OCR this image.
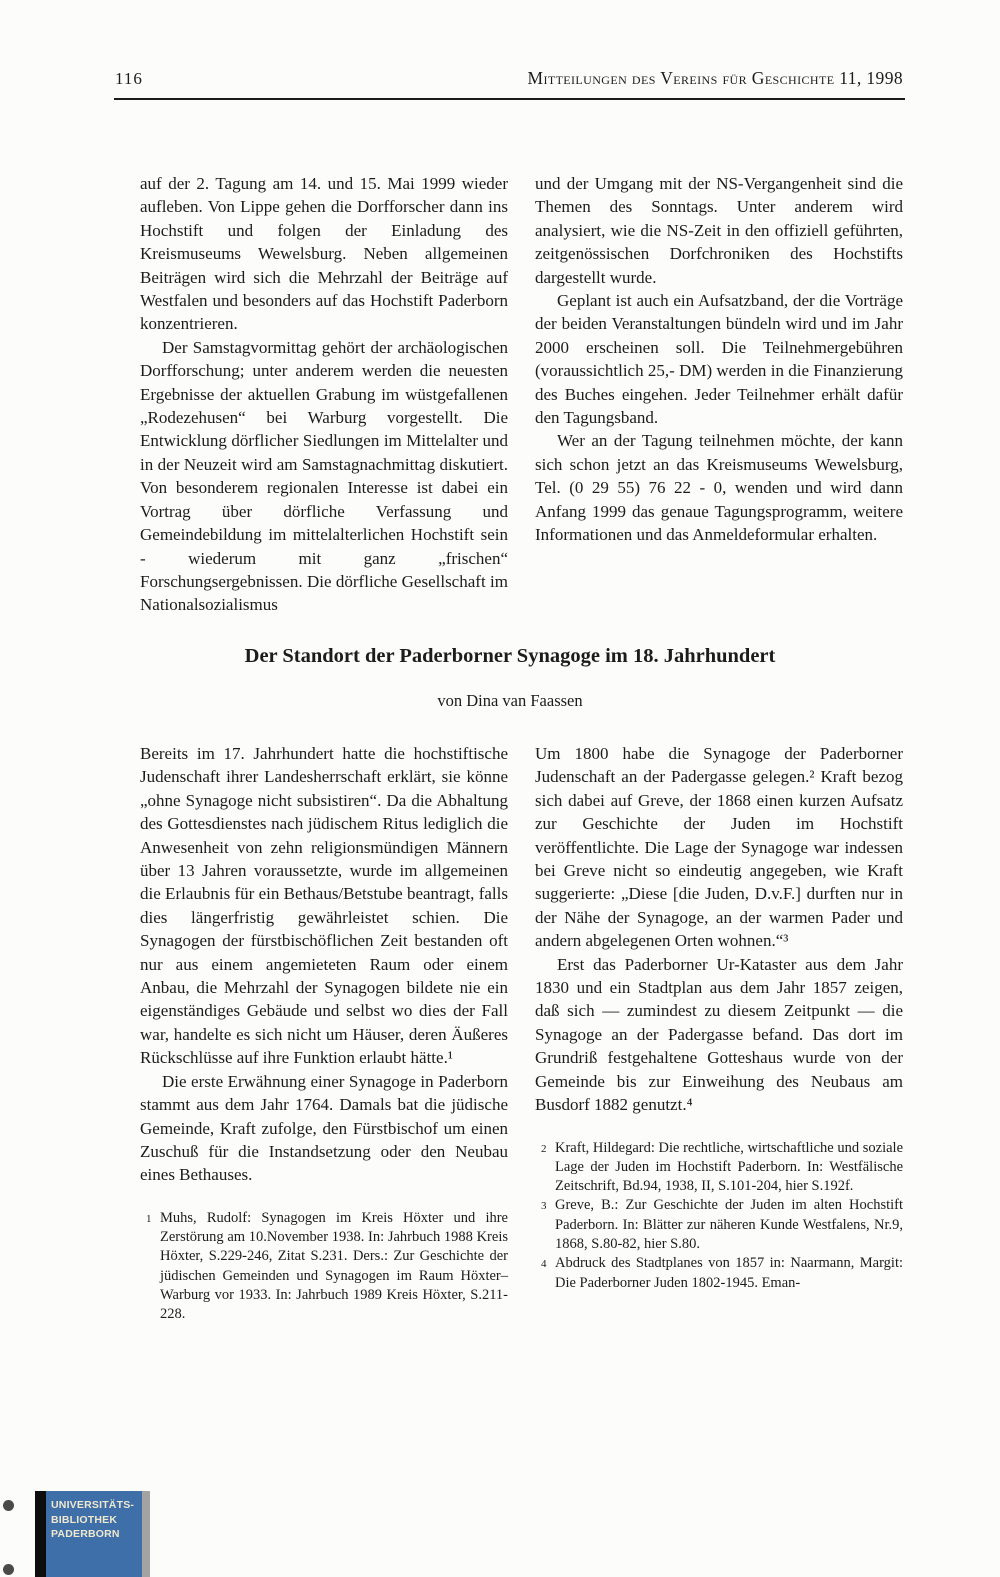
116	Mitteilungen des Vereins für Geschichte 11, 1998

auf der 2. Tagung am 14. und 15. Mai 1999 wieder aufleben. Von Lippe gehen die Dorfforscher dann ins Hochstift und folgen der Einladung des Kreismuseums Wewelsburg. Neben allgemeinen Beiträgen wird sich die Mehrzahl der Beiträge auf Westfalen und besonders auf das Hochstift Paderborn konzentrieren.

Der Samstagvormittag gehört der archäologischen Dorfforschung; unter anderem werden die neuesten Ergebnisse der aktuellen Grabung im wüstgefallenen „Rodezehusen“ bei Warburg vorgestellt. Die Entwicklung dörflicher Siedlungen im Mittelalter und in der Neuzeit wird am Samstagnachmittag diskutiert. Von besonderem regionalen Interesse ist dabei ein Vortrag über dörfliche Verfassung und Gemeindebildung im mittelalterlichen Hochstift sein - wiederum mit ganz „frischen“ Forschungsergebnissen. Die dörfliche Gesellschaft im Nationalsozialismus

und der Umgang mit der NS-Vergangenheit sind die Themen des Sonntags. Unter anderem wird analysiert, wie die NS-Zeit in den offiziell geführten, zeitgenössischen Dorfchroniken des Hochstifts dargestellt wurde.

Geplant ist auch ein Aufsatzband, der die Vorträge der beiden Veranstaltungen bündeln wird und im Jahr 2000 erscheinen soll. Die Teilnehmergebühren (voraussichtlich 25,- DM) werden in die Finanzierung des Buches eingehen. Jeder Teilnehmer erhält dafür den Tagungsband.

Wer an der Tagung teilnehmen möchte, der kann sich schon jetzt an das Kreismuseums Wewelsburg, Tel. (0 29 55) 76 22 - 0, wenden und wird dann Anfang 1999 das genaue Tagungsprogramm, weitere Informationen und das Anmeldeformular erhalten.

Der Standort der Paderborner Synagoge im 18. Jahrhundert
von Dina van Faassen

Bereits im 17. Jahrhundert hatte die hochstiftische Judenschaft ihrer Landesherrschaft erklärt, sie könne „ohne Synagoge nicht subsistiren“. Da die Abhaltung des Gottesdienstes nach jüdischem Ritus lediglich die Anwesenheit von zehn religionsmündigen Männern über 13 Jahren voraussetzte, wurde im allgemeinen die Erlaubnis für ein Bethaus/Betstube beantragt, falls dies längerfristig gewährleistet schien. Die Synagogen der fürstbischöflichen Zeit bestanden oft nur aus einem angemieteten Raum oder einem Anbau, die Mehrzahl der Synagogen bildete nie ein eigenständiges Gebäude und selbst wo dies der Fall war, handelte es sich nicht um Häuser, deren Äußeres Rückschlüsse auf ihre Funktion erlaubt hätte.¹

Die erste Erwähnung einer Synagoge in Paderborn stammt aus dem Jahr 1764. Damals bat die jüdische Gemeinde, Kraft zufolge, den Fürstbischof um einen Zuschuß für die Instandsetzung oder den Neubau eines Bethauses.

1 Muhs, Rudolf: Synagogen im Kreis Höxter und ihre Zerstörung am 10.November 1938. In: Jahrbuch 1988 Kreis Höxter, S.229-246, Zitat S.231. Ders.: Zur Geschichte der jüdischen Gemeinden und Synagogen im Raum Höxter–Warburg vor 1933. In: Jahrbuch 1989 Kreis Höxter, S.211-228.

Um 1800 habe die Synagoge der Paderborner Judenschaft an der Padergasse gelegen.² Kraft bezog sich dabei auf Greve, der 1868 einen kurzen Aufsatz zur Geschichte der Juden im Hochstift veröffentlichte. Die Lage der Synagoge war indessen bei Greve nicht so eindeutig angegeben, wie Kraft suggerierte: „Diese [die Juden, D.v.F.] durften nur in der Nähe der Synagoge, an der warmen Pader und andern abgelegenen Orten wohnen.“³

Erst das Paderborner Ur-Kataster aus dem Jahr 1830 und ein Stadtplan aus dem Jahr 1857 zeigen, daß sich — zumindest zu diesem Zeitpunkt — die Synagoge an der Padergasse befand. Das dort im Grundriß festgehaltene Gotteshaus wurde von der Gemeinde bis zur Einweihung des Neubaus am Busdorf 1882 genutzt.⁴

2 Kraft, Hildegard: Die rechtliche, wirtschaftliche und soziale Lage der Juden im Hochstift Paderborn. In: Westfälische Zeitschrift, Bd.94, 1938, II, S.101-204, hier S.192f.
3 Greve, B.: Zur Geschichte der Juden im alten Hochstift Paderborn. In: Blätter zur näheren Kunde Westfalens, Nr.9, 1868, S.80-82, hier S.80.
4 Abdruck des Stadtplanes von 1857 in: Naarmann, Margit: Die Paderborner Juden 1802-1945. Eman-
UNIVERSITÄTS-
BIBLIOTHEK
PADERBORN
